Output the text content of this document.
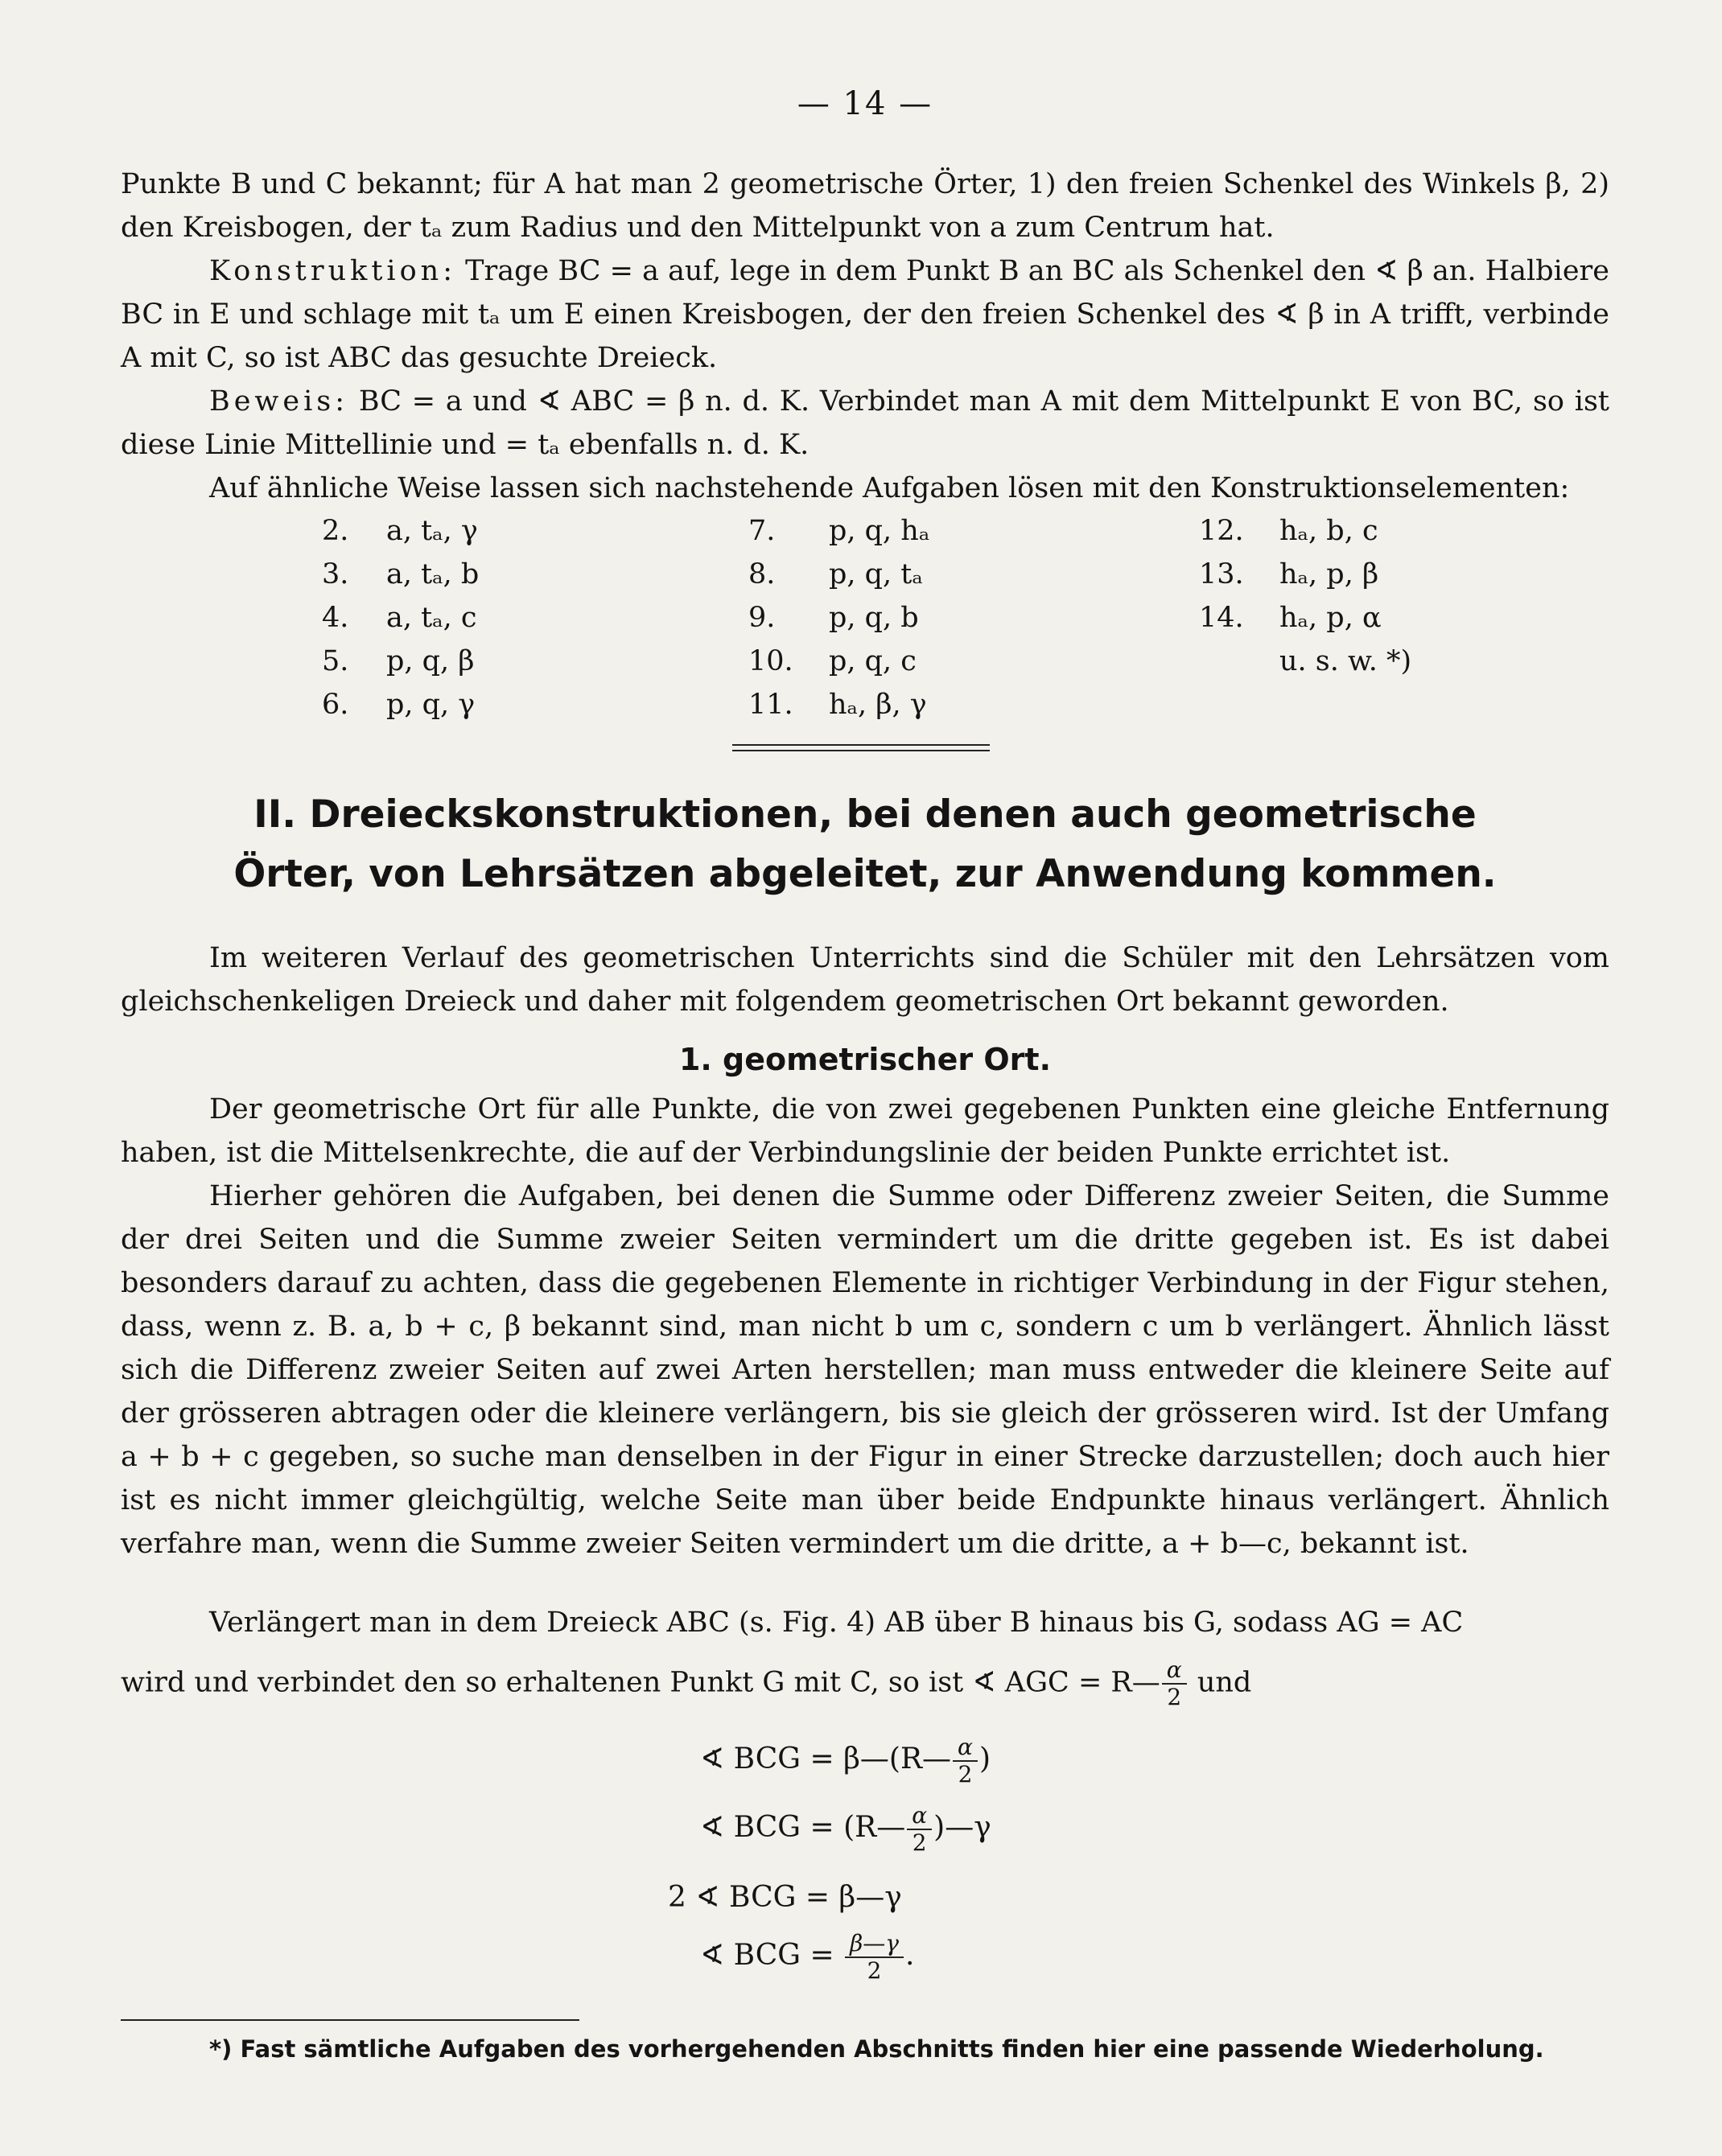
— 14 —
Punkte B und C bekannt; für A hat man 2 geometrische Örter, 1) den freien Schenkel des Winkels β, 2) den Kreisbogen, der tₐ zum Radius und den Mittelpunkt von a zum Centrum hat.
Konstruktion: Trage BC = a auf, lege in dem Punkt B an BC als Schenkel den ∢ β an. Halbiere BC in E und schlage mit tₐ um E einen Kreisbogen, der den freien Schenkel des ∢ β in A trifft, verbinde A mit C, so ist ABC das gesuchte Dreieck.
Beweis: BC = a und ∢ ABC = β n. d. K. Verbindet man A mit dem Mittelpunkt E von BC, so ist diese Linie Mittellinie und = tₐ ebenfalls n. d. K.
Auf ähnliche Weise lassen sich nachstehende Aufgaben lösen mit den Konstruktionselementen:
2. a, tₐ, γ
3. a, tₐ, b
4. a, tₐ, c
5. p, q, β
6. p, q, γ
7. p, q, hₐ
8. p, q, tₐ
9. p, q, b
10. p, q, c
11. hₐ, β, γ
12. hₐ, b, c
13. hₐ, p, β
14. hₐ, p, α
u. s. w. *)
II. Dreieckskonstruktionen, bei denen auch geometrische
Örter, von Lehrsätzen abgeleitet, zur Anwendung kommen.
Im weiteren Verlauf des geometrischen Unterrichts sind die Schüler mit den Lehrsätzen vom gleichschenkeligen Dreieck und daher mit folgendem geometrischen Ort bekannt geworden.
1. geometrischer Ort.
Der geometrische Ort für alle Punkte, die von zwei gegebenen Punkten eine gleiche Entfernung haben, ist die Mittelsenkrechte, die auf der Verbindungslinie der beiden Punkte errichtet ist.
Hierher gehören die Aufgaben, bei denen die Summe oder Differenz zweier Seiten, die Summe der drei Seiten und die Summe zweier Seiten vermindert um die dritte gegeben ist. Es ist dabei besonders darauf zu achten, dass die gegebenen Elemente in richtiger Verbindung in der Figur stehen, dass, wenn z. B. a, b + c, β bekannt sind, man nicht b um c, sondern c um b verlängert. Ähnlich lässt sich die Differenz zweier Seiten auf zwei Arten herstellen; man muss entweder die kleinere Seite auf der grösseren abtragen oder die kleinere verlängern, bis sie gleich der grösseren wird. Ist der Umfang a + b + c gegeben, so suche man denselben in der Figur in einer Strecke darzustellen; doch auch hier ist es nicht immer gleichgültig, welche Seite man über beide Endpunkte hinaus verlängert. Ähnlich verfahre man, wenn die Summe zweier Seiten vermindert um die dritte, a + b—c, bekannt ist.
Verlängert man in dem Dreieck ABC (s. Fig. 4) AB über B hinaus bis G, sodass AG = AC
wird und verbindet den so erhaltenen Punkt G mit C, so ist ∢ AGC = R— $\frac{\alpha}{2}$ und
∢ BCG = β—(R— $\frac{\alpha}{2}$ )
∢ BCG = (R— $\frac{\alpha}{2}$ )—γ
2 ∢ BCG = β—γ
∢ BCG = $\frac{\beta—\gamma}{2}$ .
*) Fast sämtliche Aufgaben des vorhergehenden Abschnitts finden hier eine passende Wiederholung.
